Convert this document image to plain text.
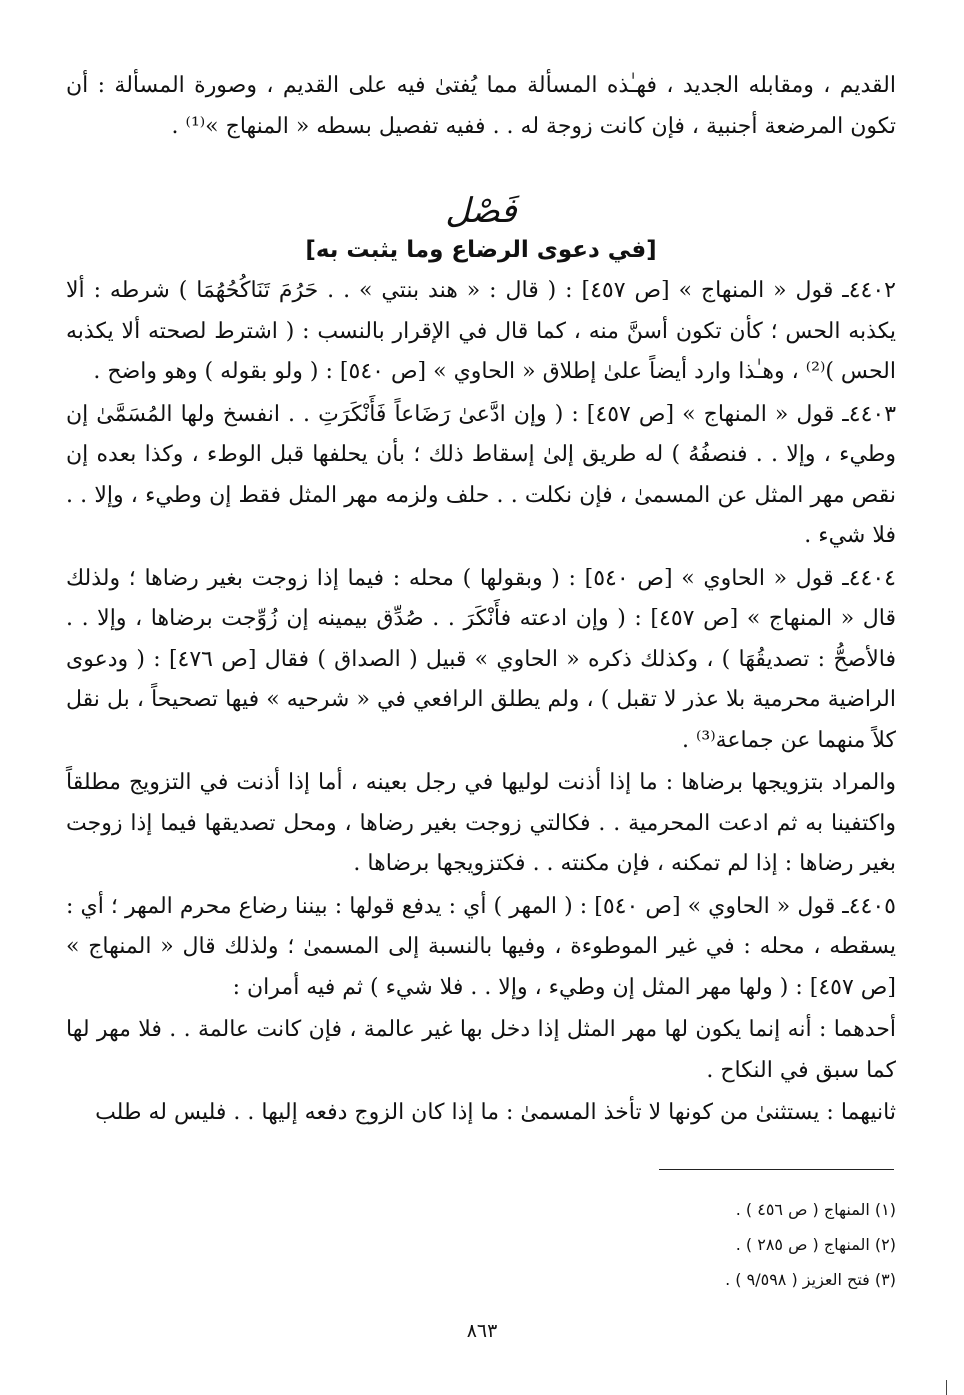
القديم ، ومقابله الجديد ، فهـٰذه المسألة مما يُفتىٰ فيه على القديم ، وصورة المسألة : أن تكون المرضعة أجنبية ، فإن كانت زوجة له . . ففيه تفصيل بسطه « المنهاج »⁽¹⁾ .

فَصْل

[في دعوى الرضاع وما يثبت به]

٤٤٠٢ـ قول « المنهاج » [ص ٤٥٧] : ( قال : « هند بنتي » . . حَرُمَ تَنَاكُحُهُمَا ) شرطه : ألا يكذبه الحس ؛ كأن تكون أسنَّ منه ، كما قال في الإقرار بالنسب : ( اشترط لصحته ألا يكذبه الحس )⁽²⁾ ، وهـٰذا وارد أيضاً علىٰ إطلاق « الحاوي » [ص ٥٤٠] : ( ولو بقوله ) وهو واضح .

٤٤٠٣ـ قول « المنهاج » [ص ٤٥٧] : ( وإن ادَّعىٰ رَضَاعاً فَأَنْكَرَتِ . . انفسخ ولها المُسَمَّىٰ إن وطيء ، وإلا . . فنصفُهُ ) له طريق إلىٰ إسقاط ذلك ؛ بأن يحلفها قبل الوطء ، وكذا بعده إن نقص مهر المثل عن المسمىٰ ، فإن نكلت . . حلف ولزمه مهر المثل فقط إن وطيء ، وإلا . . فلا شيء .

٤٤٠٤ـ قول « الحاوي » [ص ٥٤٠] : ( وبقولها ) محله : فيما إذا زوجت بغير رضاها ؛ ولذلك قال « المنهاج » [ص ٤٥٧] : ( وإن ادعته فأَنْكَرَ . . صُدِّق بيمينه إن زُوِّجت برضاها ، وإلا . . فالأصحُّ : تصديقُهَا ) ، وكذلك ذكره « الحاوي » قبيل ( الصداق ) فقال [ص ٤٧٦] : ( ودعوى الراضية محرمية بلا عذر لا تقبل ) ، ولم يطلق الرافعي في « شرحيه » فيها تصحيحاً ، بل نقل كلاً منهما عن جماعة⁽³⁾ .

والمراد بتزويجها برضاها : ما إذا أذنت لوليها في رجل بعينه ، أما إذا أذنت في التزويج مطلقاً واكتفينا به ثم ادعت المحرمية . . فكالتي زوجت بغير رضاها ، ومحل تصديقها فيما إذا زوجت بغير رضاها : إذا لم تمكنه ، فإن مكنته . . فكتزويجها برضاها .

٤٤٠٥ـ قول « الحاوي » [ص ٥٤٠] : ( المهر ) أي : يدفع قولها : بيننا رضاع محرم المهر ؛ أي : يسقطه ، محله : في غير الموطوءة ، وفيها بالنسبة إلى المسمىٰ ؛ ولذلك قال « المنهاج » [ص ٤٥٧] : ( ولها مهر المثل إن وطيء ، وإلا . . فلا شيء ) ثم فيه أمران :

أحدهما : أنه إنما يكون لها مهر المثل إذا دخل بها غير عالمة ، فإن كانت عالمة . . فلا مهر لها كما سبق في النكاح .

ثانيهما : يستثنىٰ من كونها لا تأخذ المسمىٰ : ما إذا كان الزوج دفعه إليها . . فليس له طلب

(١) المنهاج ( ص ٤٥٦ ) .

(٢) المنهاج ( ص ٢٨٥ ) .

(٣) فتح العزيز ( ٩/٥٩٨ ) .

٨٦٣
